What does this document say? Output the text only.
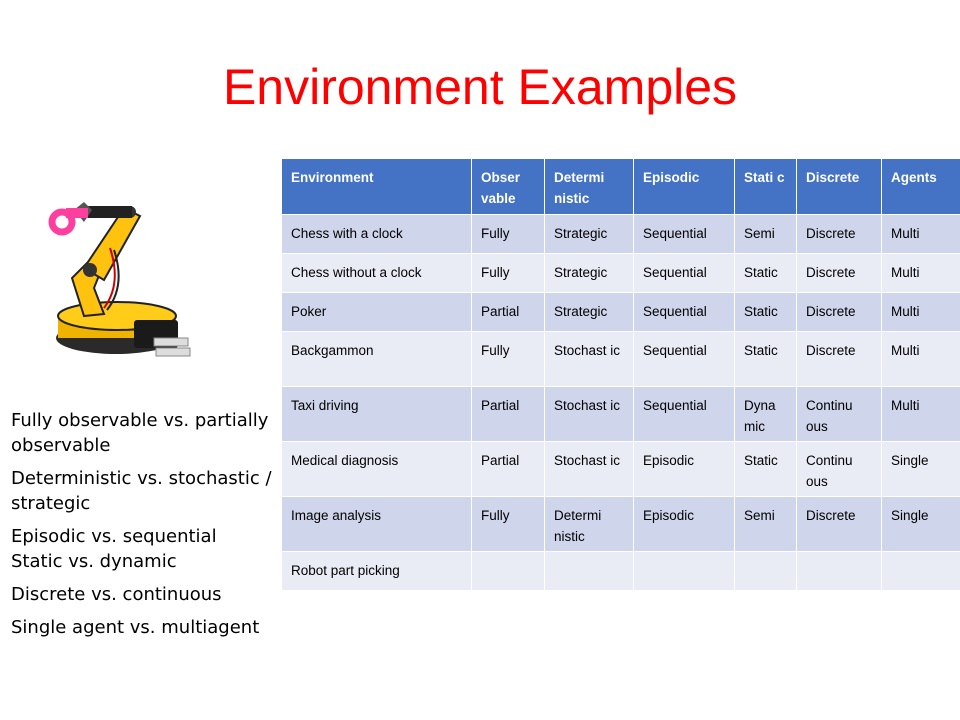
Environment Examples
Fully observable vs. partially observable
Deterministic vs. stochastic / strategic
Episodic vs. sequential
Static vs. dynamic
Discrete vs. continuous
Single agent vs. multiagent
Environment	Obser vable	Determi nistic	Episodic	Stati c	Discrete	Agents
Chess with a clock	Fully	Strategic	Sequential	Semi	Discrete	Multi
Chess without a clock	Fully	Strategic	Sequential	Static	Discrete	Multi
Poker	Partial	Strategic	Sequential	Static	Discrete	Multi
Backgammon	Fully	Stochast ic	Sequential	Static	Discrete	Multi
Taxi driving	Partial	Stochast ic	Sequential	Dyna mic	Continu ous	Multi
Medical diagnosis	Partial	Stochast ic	Episodic	Static	Continu ous	Single
Image analysis	Fully	Determi nistic	Episodic	Semi	Discrete	Single
Robot part picking						
